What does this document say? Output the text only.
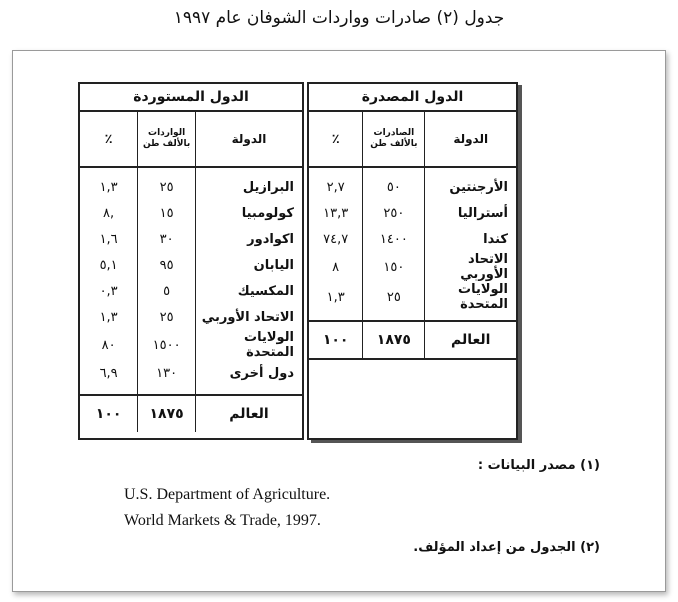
جدول (٢) صادرات وواردات الشوفان عام ١٩٩٧
الدول المصدرة		
الدولة	الصادرات بالألف طن	٪
الأرجنتين	٥٠	٢,٧
أستراليا	٢٥٠	١٣,٣
كندا	١٤٠٠	٧٤,٧
الاتحاد الأوربي	١٥٠	٨
الولايات المتحدة	٢٥	١,٣

العالم	١٨٧٥	١٠٠
الدول المستوردة		
الدولة	الواردات بالألف طن	٪
البرازيل	٢٥	١,٣
كولومبيا	١٥	,٨
اكوادور	٣٠	١,٦
اليابان	٩٥	٥,١
المكسيك	٥	٠,٣
الاتحاد الأوربي	٢٥	١,٣
الولايات المتحدة	١٥٠٠	٨٠
دول أخرى	١٣٠	٦,٩

العالم	١٨٧٥	١٠٠
(١) مصدر البيانات :
U.S. Department of Agriculture.
World Markets & Trade, 1997.
(٢) الجدول من إعداد المؤلف.
